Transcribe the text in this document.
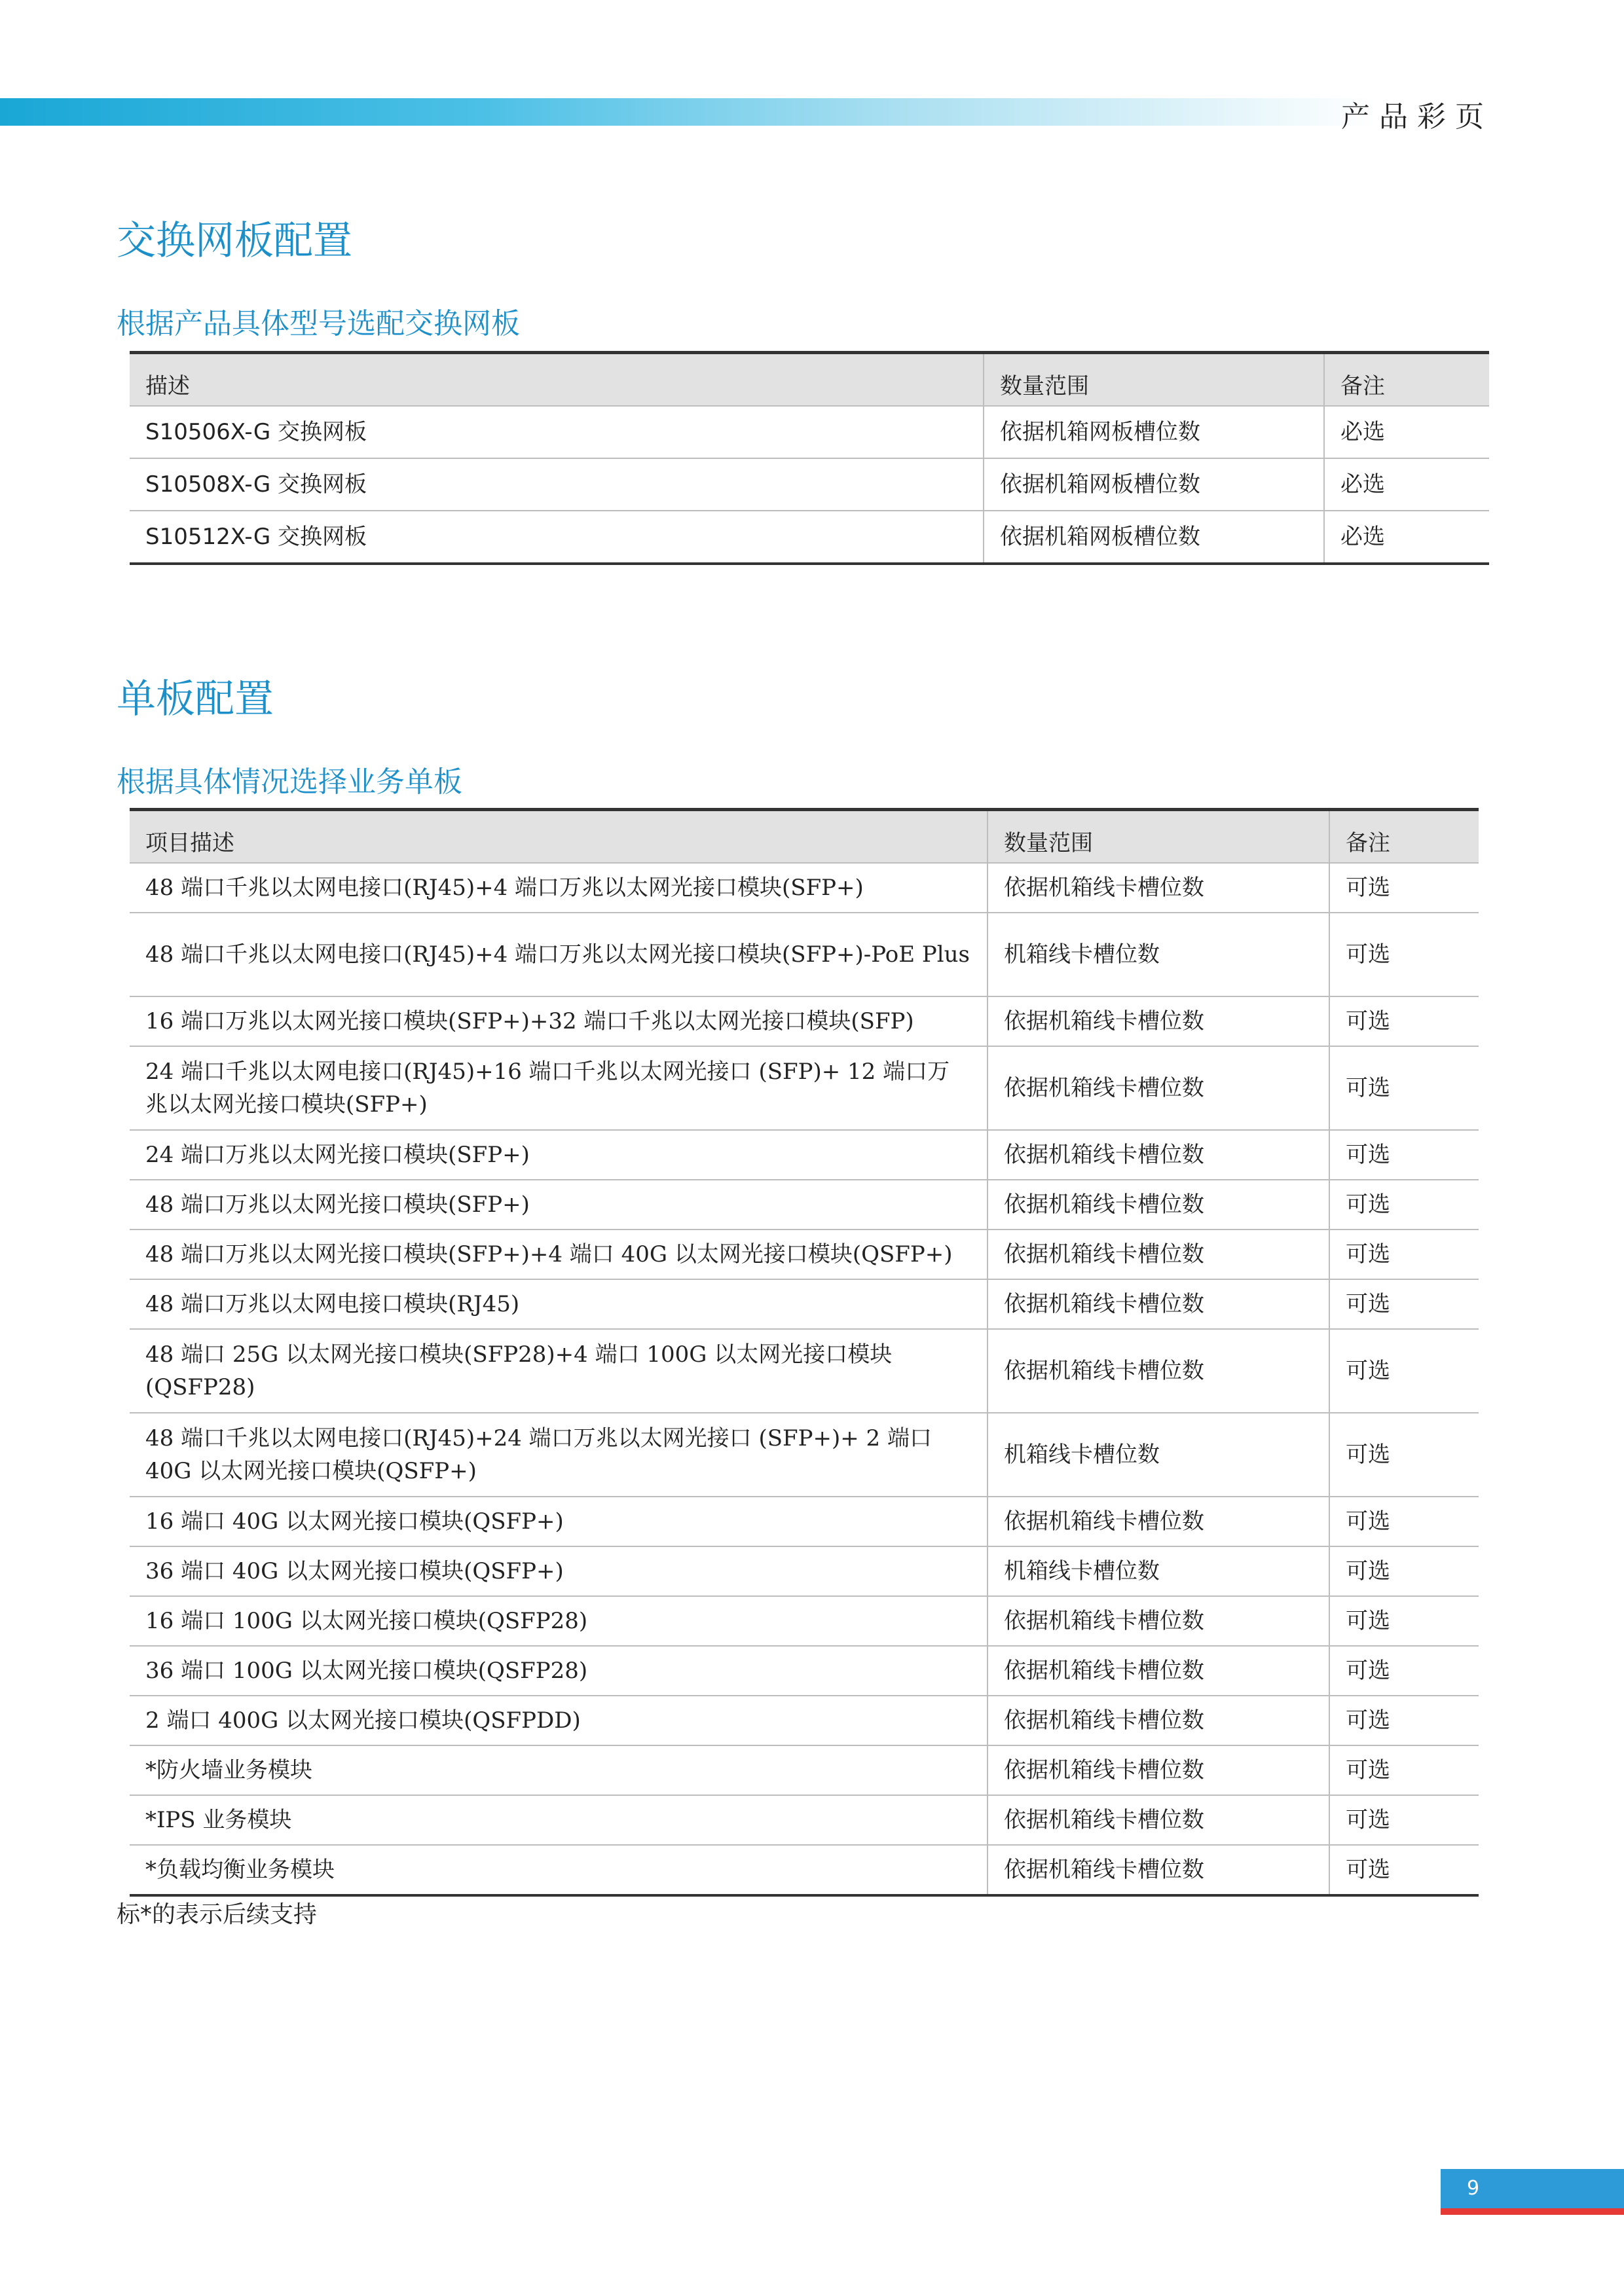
产品彩页
交换网板配置
根据产品具体型号选配交换网板
描述	数量范围	备注
S10506X-G 交换网板	依据机箱网板槽位数	必选
S10508X-G 交换网板	依据机箱网板槽位数	必选
S10512X-G 交换网板	依据机箱网板槽位数	必选
单板配置
根据具体情况选择业务单板
项目描述	数量范围	备注
48 端口千兆以太网电接口(RJ45)+4 端口万兆以太网光接口模块(SFP+)	依据机箱线卡槽位数	可选
48 端口千兆以太网电接口(RJ45)+4 端口万兆以太网光接口模块(SFP+)-PoE Plus	机箱线卡槽位数	可选
16 端口万兆以太网光接口模块(SFP+)+32 端口千兆以太网光接口模块(SFP)	依据机箱线卡槽位数	可选
24 端口千兆以太网电接口(RJ45)+16 端口千兆以太网光接口 (SFP)+ 12 端口万兆以太网光接口模块(SFP+)	依据机箱线卡槽位数	可选
24 端口万兆以太网光接口模块(SFP+)	依据机箱线卡槽位数	可选
48 端口万兆以太网光接口模块(SFP+)	依据机箱线卡槽位数	可选
48 端口万兆以太网光接口模块(SFP+)+4 端口 40G 以太网光接口模块(QSFP+)	依据机箱线卡槽位数	可选
48 端口万兆以太网电接口模块(RJ45)	依据机箱线卡槽位数	可选
48 端口 25G 以太网光接口模块(SFP28)+4 端口 100G 以太网光接口模块(QSFP28)	依据机箱线卡槽位数	可选
48 端口千兆以太网电接口(RJ45)+24 端口万兆以太网光接口 (SFP+)+ 2 端口 40G 以太网光接口模块(QSFP+)	机箱线卡槽位数	可选
16 端口 40G 以太网光接口模块(QSFP+)	依据机箱线卡槽位数	可选
36 端口 40G 以太网光接口模块(QSFP+)	机箱线卡槽位数	可选
16 端口 100G 以太网光接口模块(QSFP28)	依据机箱线卡槽位数	可选
36 端口 100G 以太网光接口模块(QSFP28)	依据机箱线卡槽位数	可选
2 端口 400G 以太网光接口模块(QSFPDD)	依据机箱线卡槽位数	可选
*防火墙业务模块	依据机箱线卡槽位数	可选
*IPS 业务模块	依据机箱线卡槽位数	可选
*负载均衡业务模块	依据机箱线卡槽位数	可选
标*的表示后续支持
9
